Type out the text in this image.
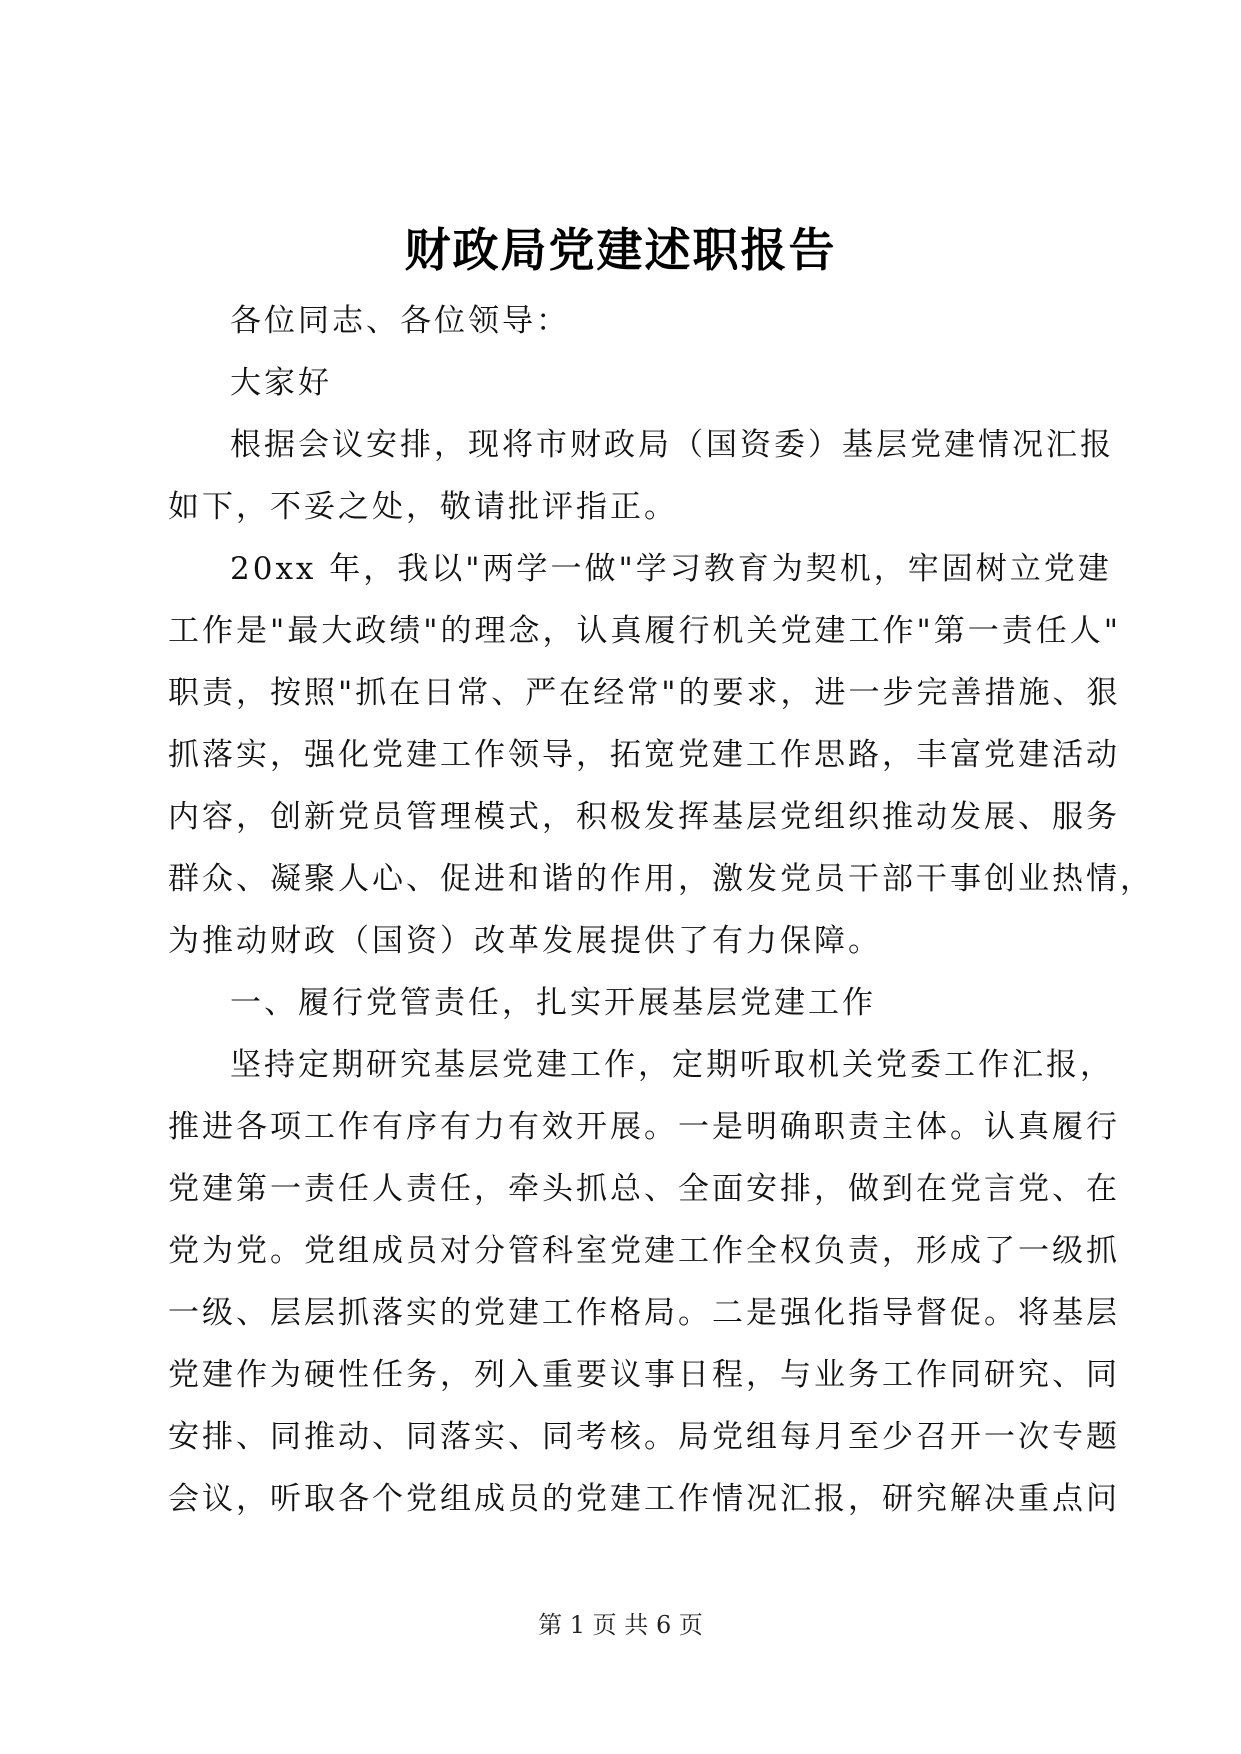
财政局党建述职报告
各位同志、各位领导：
大家好
根据会议安排，现将市财政局（国资委）基层党建情况汇报
如下，不妥之处，敬请批评指正。
20xx 年，我以"两学一做"学习教育为契机，牢固树立党建
工作是"最大政绩"的理念，认真履行机关党建工作"第一责任人"
职责，按照"抓在日常、严在经常"的要求，进一步完善措施、狠
抓落实，强化党建工作领导，拓宽党建工作思路，丰富党建活动
内容，创新党员管理模式，积极发挥基层党组织推动发展、服务
群众、凝聚人心、促进和谐的作用，激发党员干部干事创业热情，
为推动财政（国资）改革发展提供了有力保障。
一、履行党管责任，扎实开展基层党建工作
坚持定期研究基层党建工作，定期听取机关党委工作汇报，
推进各项工作有序有力有效开展。一是明确职责主体。认真履行
党建第一责任人责任，牵头抓总、全面安排，做到在党言党、在
党为党。党组成员对分管科室党建工作全权负责，形成了一级抓
一级、层层抓落实的党建工作格局。二是强化指导督促。将基层
党建作为硬性任务，列入重要议事日程，与业务工作同研究、同
安排、同推动、同落实、同考核。局党组每月至少召开一次专题
会议，听取各个党组成员的党建工作情况汇报，研究解决重点问
第 1 页 共 6 页
